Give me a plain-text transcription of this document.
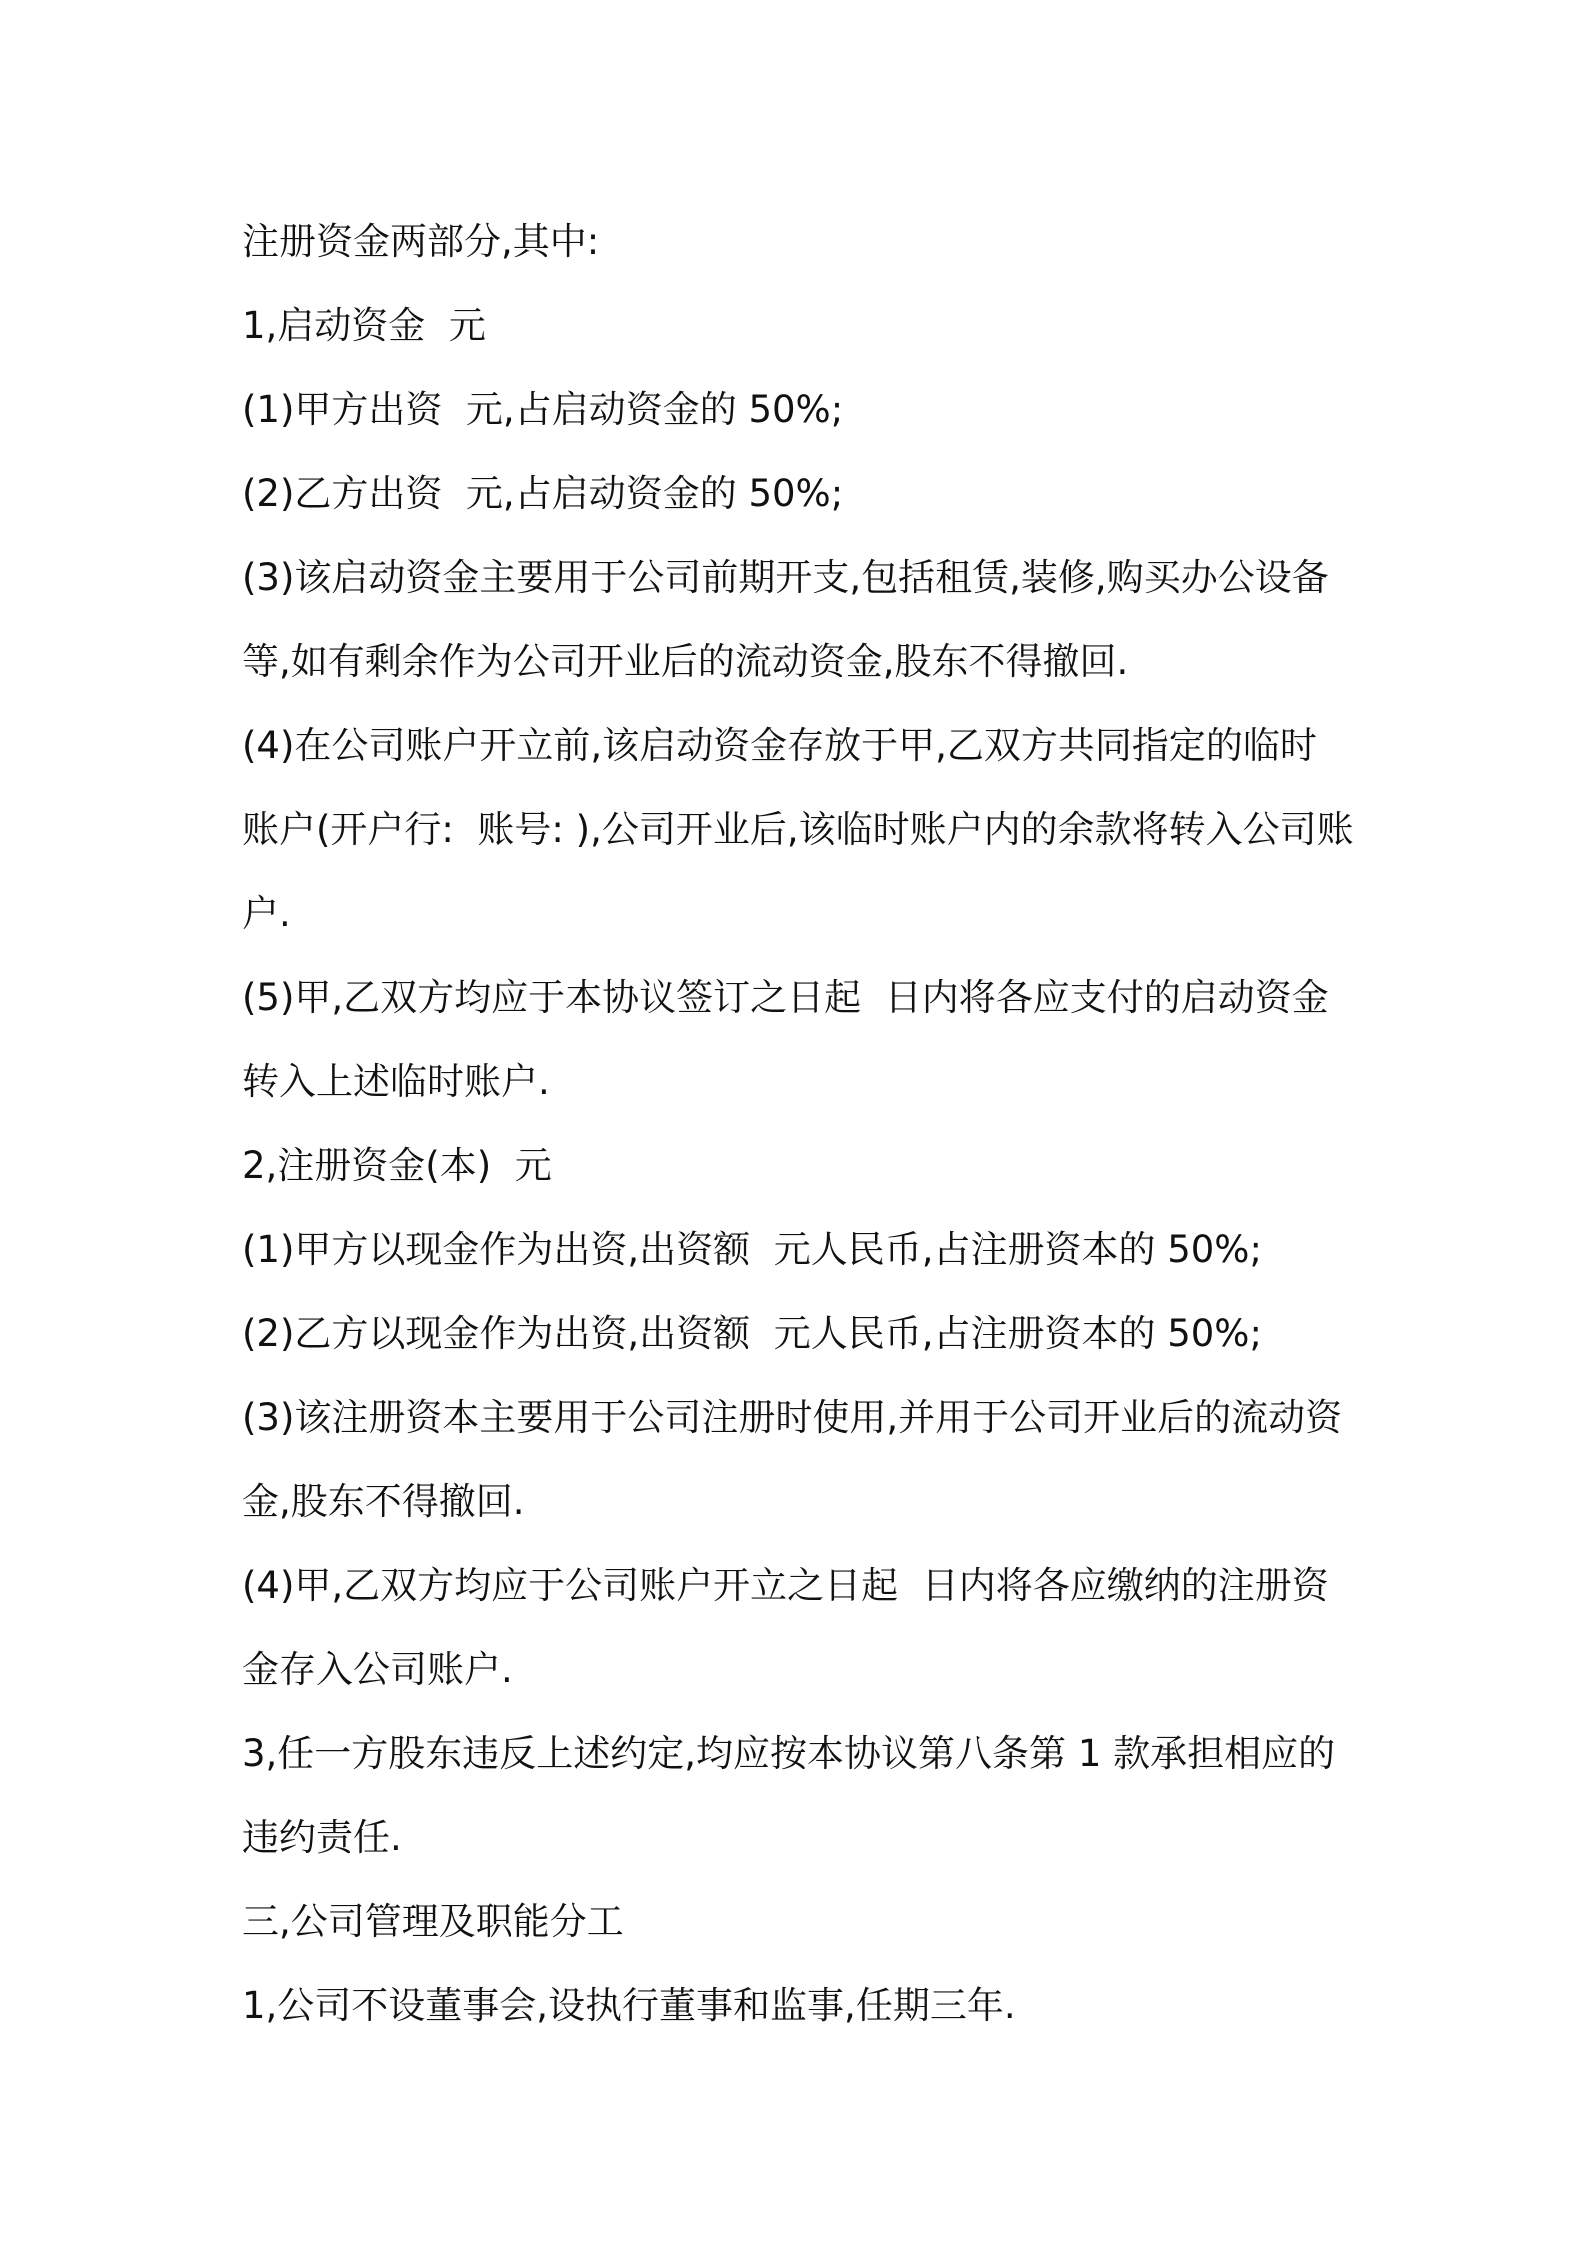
注册资金两部分,其中:

1,启动资金  元

(1)甲方出资  元,占启动资金的 50%;

(2)乙方出资  元,占启动资金的 50%;

(3)该启动资金主要用于公司前期开支,包括租赁,装修,购买办公设备

等,如有剩余作为公司开业后的流动资金,股东不得撤回.

(4)在公司账户开立前,该启动资金存放于甲,乙双方共同指定的临时

账户(开户行:  账号: ),公司开业后,该临时账户内的余款将转入公司账

户.

(5)甲,乙双方均应于本协议签订之日起  日内将各应支付的启动资金

转入上述临时账户.

2,注册资金(本)  元

(1)甲方以现金作为出资,出资额  元人民币,占注册资本的 50%;

(2)乙方以现金作为出资,出资额  元人民币,占注册资本的 50%;

(3)该注册资本主要用于公司注册时使用,并用于公司开业后的流动资

金,股东不得撤回.

(4)甲,乙双方均应于公司账户开立之日起  日内将各应缴纳的注册资

金存入公司账户.

3,任一方股东违反上述约定,均应按本协议第八条第 1 款承担相应的

违约责任.

三,公司管理及职能分工

1,公司不设董事会,设执行董事和监事,任期三年.
